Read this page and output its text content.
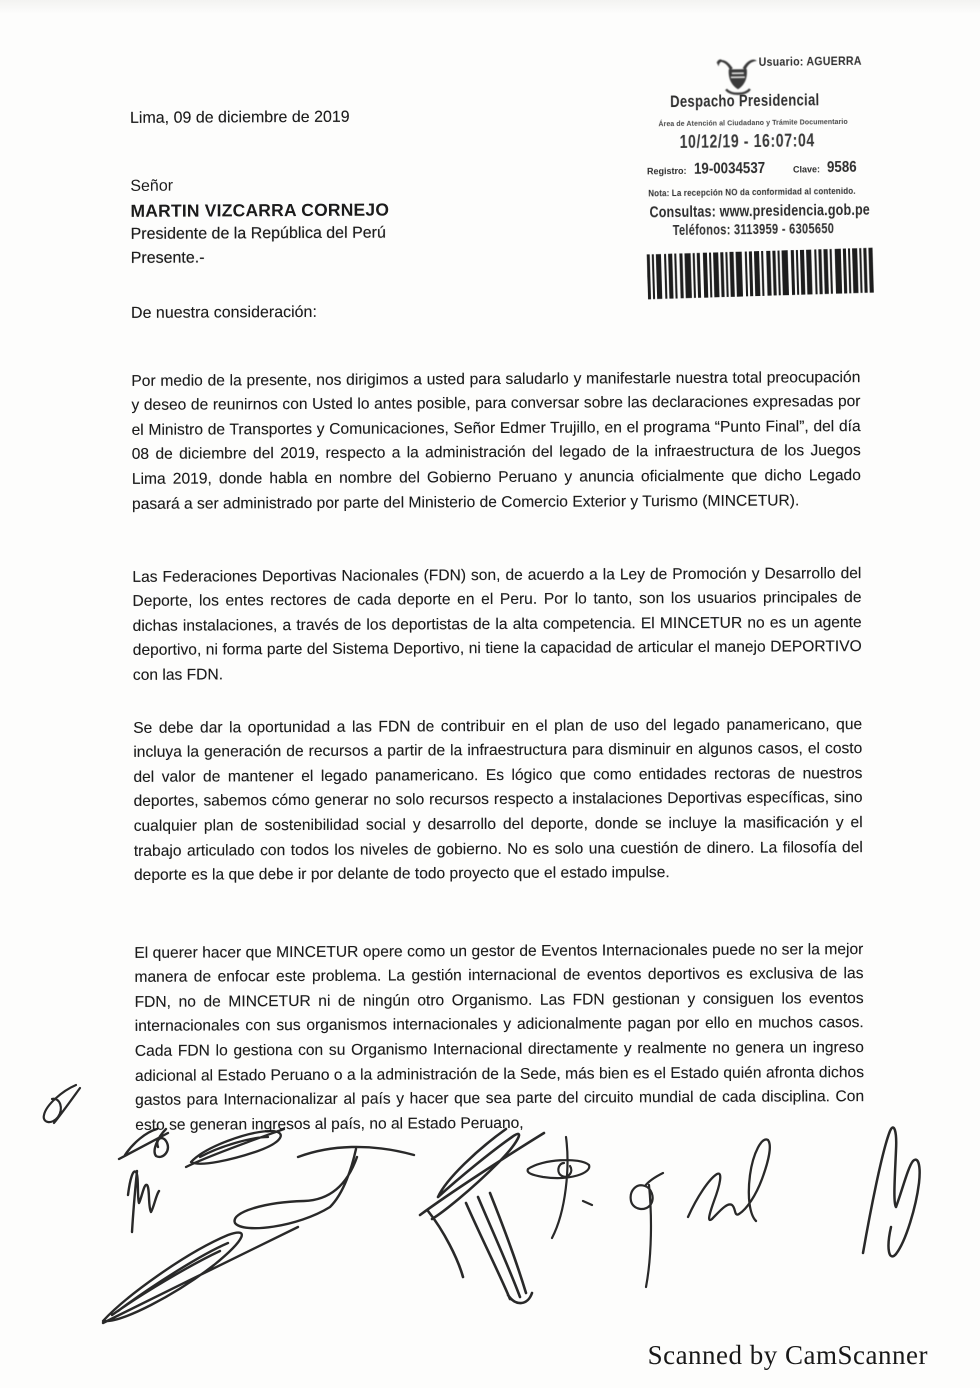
Lima, 09 de diciembre de 2019
Señor
MARTIN VIZCARRA CORNEJO
Presidente de la República del Perú
Presente.-
De nuestra consideración:

Por medio de la presente, nos dirigimos a usted para saludarlo y manifestarle nuestra total preocupación y deseo de reunirnos con Usted lo antes posible, para conversar sobre las declaraciones expresadas por el Ministro de Transportes y Comunicaciones, Señor Edmer Trujillo, en el programa “Punto Final”, del día 08 de diciembre del 2019, respecto a la administración del legado de la infraestructura de los Juegos Lima 2019, donde habla en nombre del Gobierno Peruano y anuncia oficialmente que dicho Legado pasará a ser administrado por parte del Ministerio de Comercio Exterior y Turismo (MINCETUR).

Las Federaciones Deportivas Nacionales (FDN) son, de acuerdo a la Ley de Promoción y Desarrollo del Deporte, los entes rectores de cada deporte en el Peru. Por lo tanto, son los usuarios principales de dichas instalaciones, a través de los deportistas de la alta competencia. El MINCETUR no es un agente deportivo, ni forma parte del Sistema Deportivo, ni tiene la capacidad de articular el manejo DEPORTIVO con las FDN.

Se debe dar la oportunidad a las FDN de contribuir en el plan de uso del legado panamericano, que incluya la generación de recursos a partir de la infraestructura para disminuir en algunos casos, el costo del valor de mantener el legado panamericano. Es lógico que como entidades rectoras de nuestros deportes, sabemos cómo generar no solo recursos respecto a instalaciones Deportivas específicas, sino cualquier plan de sostenibilidad social y desarrollo del deporte, donde se incluye la masificación y el trabajo articulado con todos los niveles de gobierno. No es solo una cuestión de dinero. La filosofía del deporte es la que debe ir por delante de todo proyecto que el estado impulse.

El querer hacer que MINCETUR opere como un gestor de Eventos Internacionales puede no ser la mejor manera de enfocar este problema. La gestión internacional de eventos deportivos es exclusiva de las FDN, no de MINCETUR ni de ningún otro Organismo. Las FDN gestionan y consiguen los eventos internacionales con sus organismos internacionales y adicionalmente pagan por ello en muchos casos. Cada FDN lo gestiona con su Organismo Internacional directamente y realmente no genera un ingreso adicional al Estado Peruano o a la administración de la Sede, más bien es el Estado quién afronta dichos gastos para Internacionalizar al país y hacer que sea parte del circuito mundial de cada disciplina. Con esto se generan ingresos al país, no al Estado Peruano,

Usuario: AGUERRA
Despacho Presidencial
Área de Atención al Ciudadano y Trámite Documentario
10/12/19 - 16:07:04
Registro: 19-0034537	Clave: 9586
Nota: La recepción NO da conformidad al contenido.
Consultas: www.presidencia.gob.pe
Teléfonos: 3113959 - 6305650
Scanned by CamScanner
